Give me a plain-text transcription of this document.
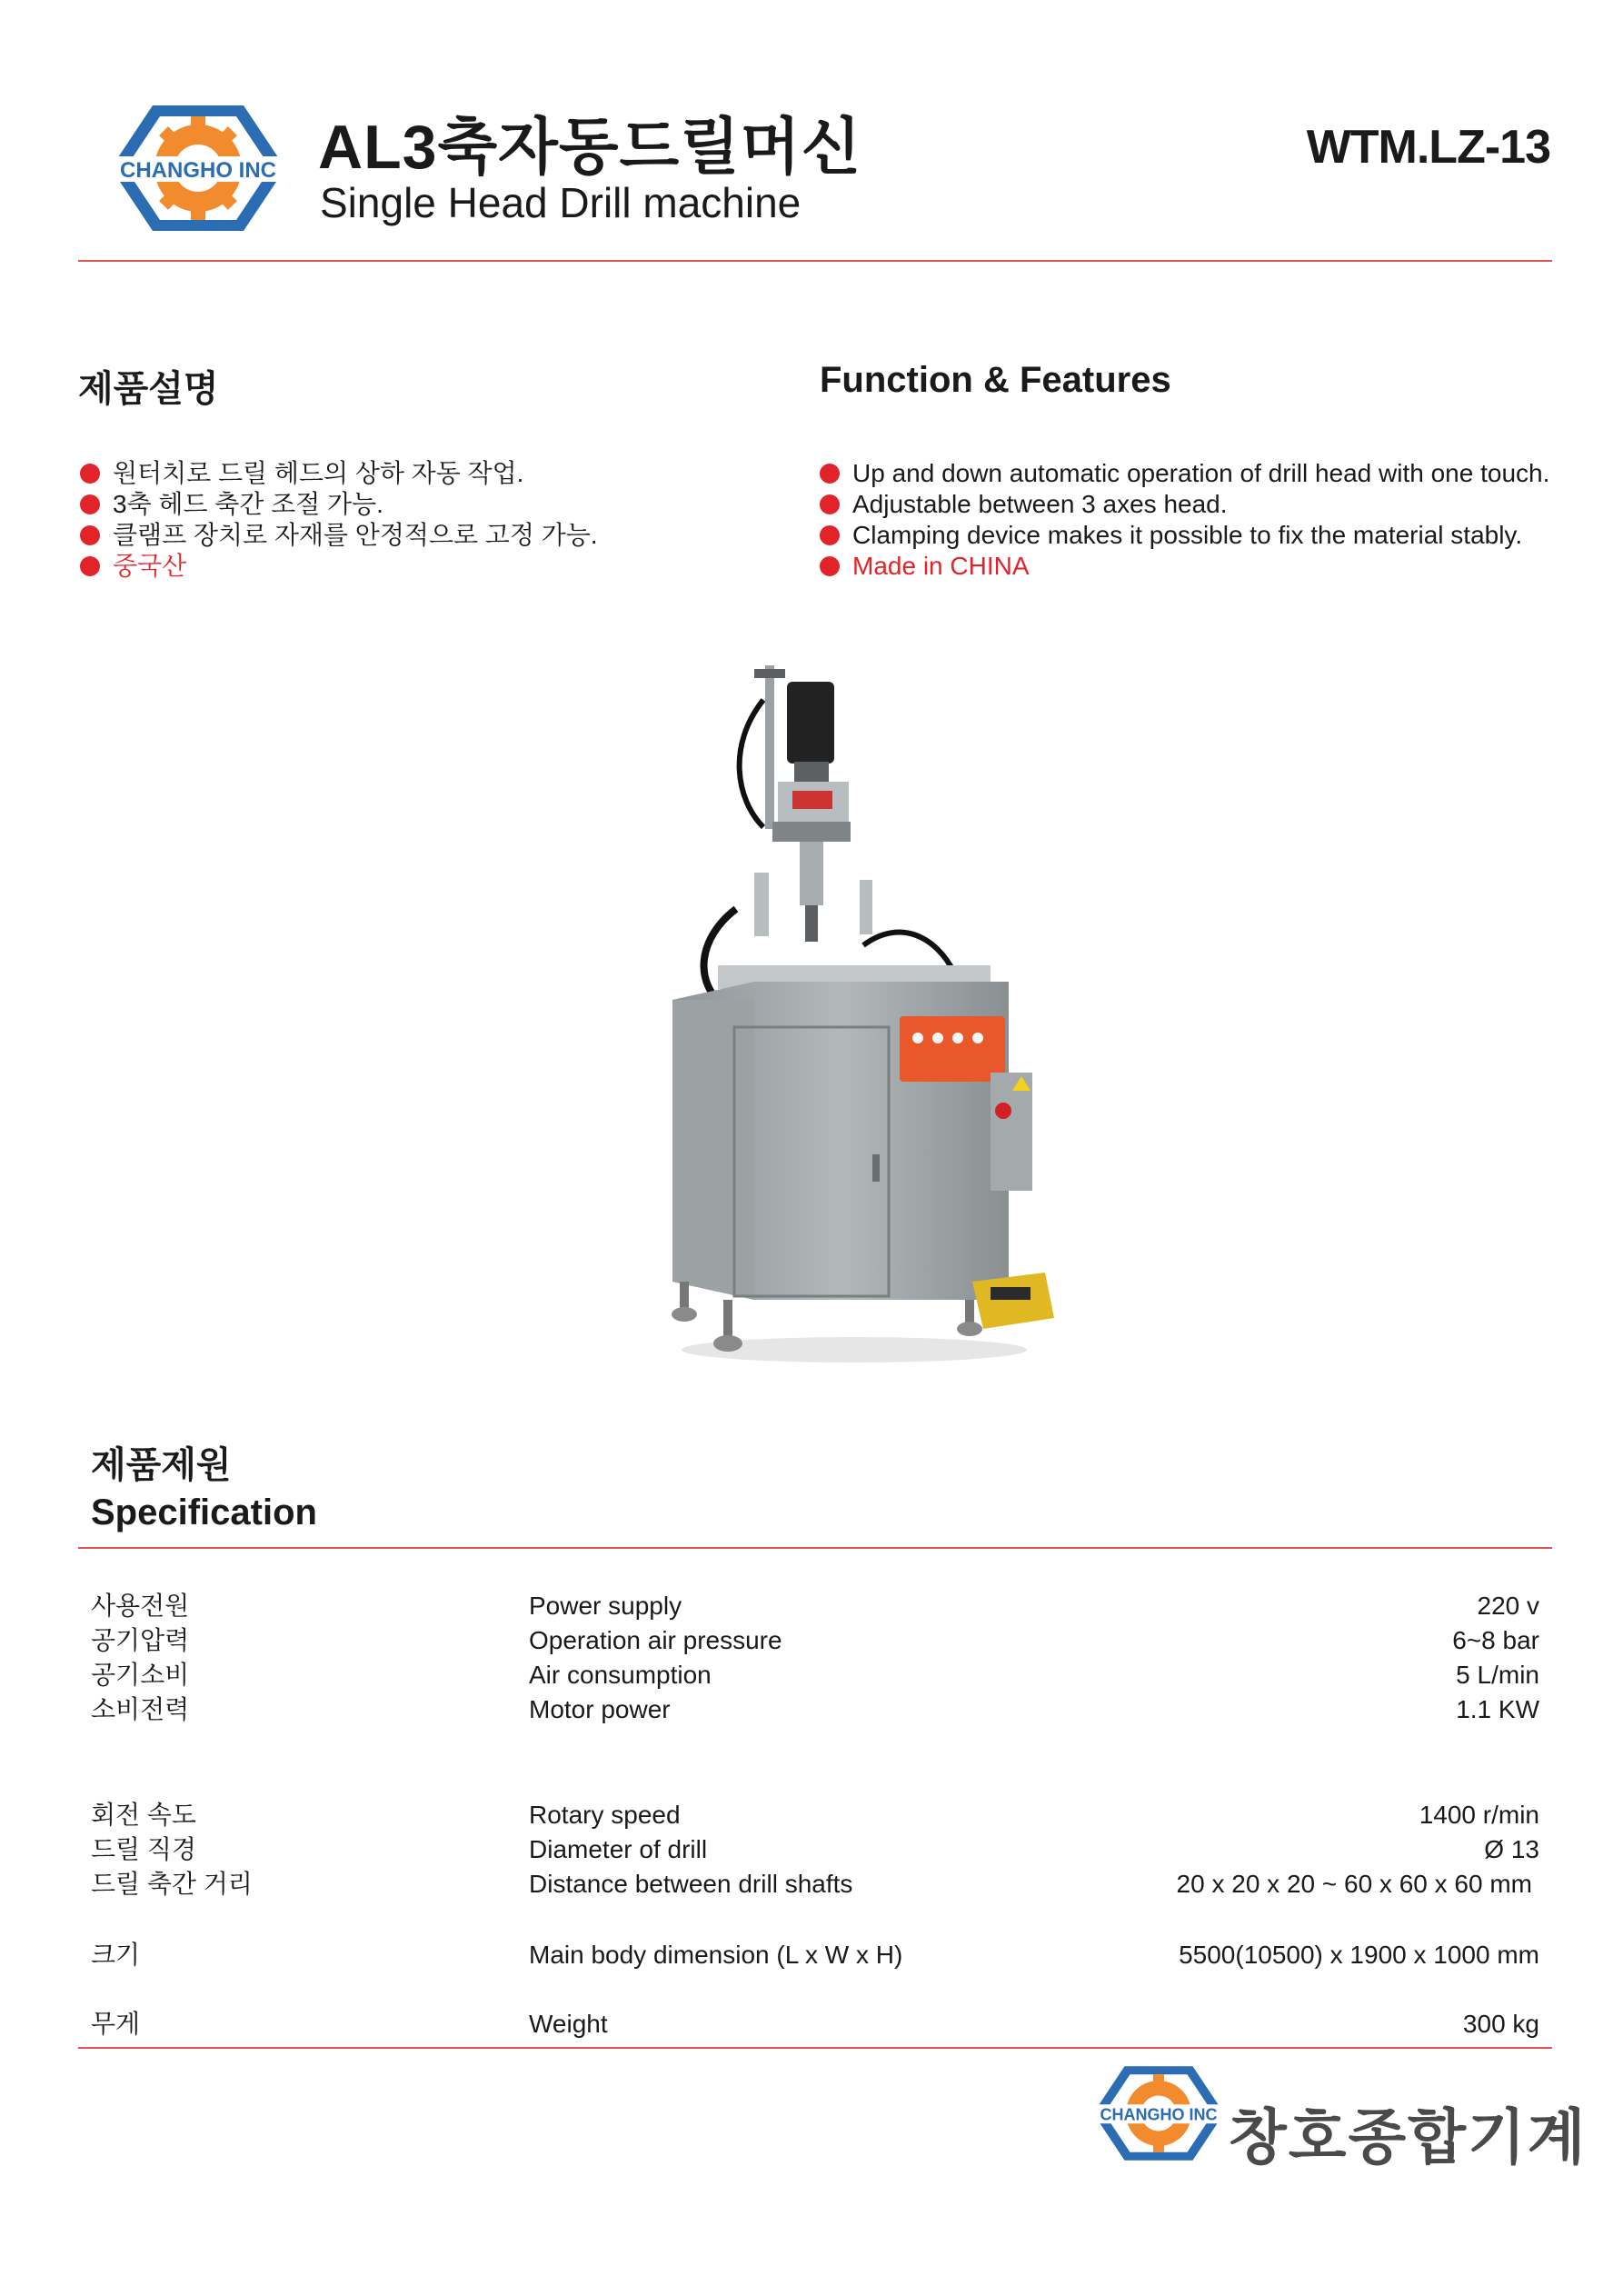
CHANGHO INC AL3축자동드릴머신
Single Head Drill machine
WTM.LZ-13
제품설명	Function & Features
원터치로 드릴 헤드의 상하 자동 작업.
3축 헤드 축간 조절 가능.
클램프 장치로 자재를 안정적으로 고정 가능.
중국산
Up and down automatic operation of drill head with one touch.
Adjustable between 3 axes head.
Clamping device makes it possible to fix the material stably.
Made in CHINA
제품제원
Specification
사용전원	Power supply	220 v
공기압력	Operation air pressure	6~8 bar
공기소비	Air consumption	5 L/min
소비전력	Motor power	1.1 KW
회전 속도	Rotary speed	1400 r/min
드릴 직경	Diameter of drill	Ø 13
드릴 축간 거리	Distance between drill shafts	20 x 20 x 20 ~ 60 x 60 x 60 mm
크기	Main body dimension (L x W x H)	5500(10500) x 1900 x 1000 mm
무게	Weight	300 kg
CHANGHO INC 창호종합기계
